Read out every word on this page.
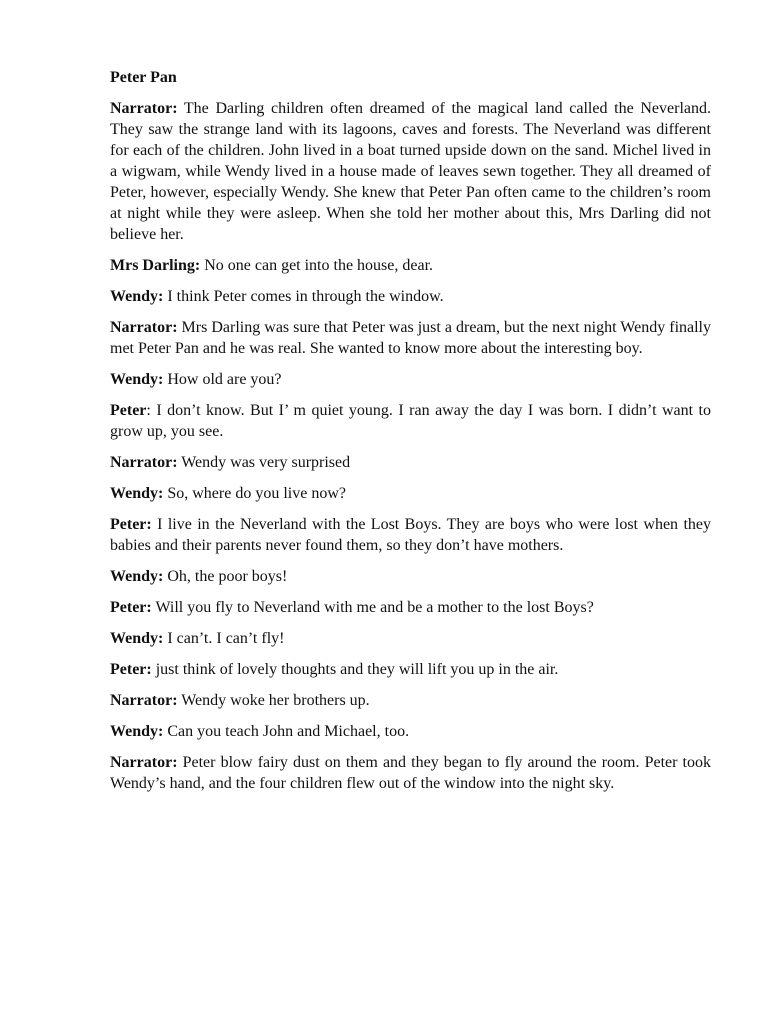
Peter Pan

Narrator: The Darling children often dreamed of the magical land called the Neverland. They saw the strange land with its lagoons, caves and forests. The Neverland was different for each of the children. John lived in a boat turned upside down on the sand. Michel lived in a wigwam, while Wendy lived in a house made of leaves sewn together. They all dreamed of Peter, however, especially Wendy. She knew that Peter Pan often came to the children’s room at night while they were asleep. When she told her mother about this, Mrs Darling did not believe her.

Mrs Darling: No one can get into the house, dear.

Wendy: I think Peter comes in through the window.

Narrator: Mrs Darling was sure that Peter was just a dream, but the next night Wendy finally met Peter Pan and he was real. She wanted to know more about the interesting boy.

Wendy: How old are you?

Peter: I don’t know. But I’ m quiet young. I ran away the day I was born. I didn’t want to grow up, you see.

Narrator: Wendy was very surprised

Wendy: So, where do you live now?

Peter: I live in the Neverland with the Lost Boys. They are boys who were lost when they babies and their parents never found them, so they don’t have mothers.

Wendy: Oh, the poor boys!

Peter: Will you fly to Neverland with me and be a mother to the lost Boys?

Wendy: I can’t. I can’t fly!

Peter: just think of lovely thoughts and they will lift you up in the air.

Narrator: Wendy woke her brothers up.

Wendy: Can you teach John and Michael, too.

Narrator: Peter blow fairy dust on them and they began to fly around the room. Peter took Wendy’s hand, and the four children flew out of the window into the night sky.
